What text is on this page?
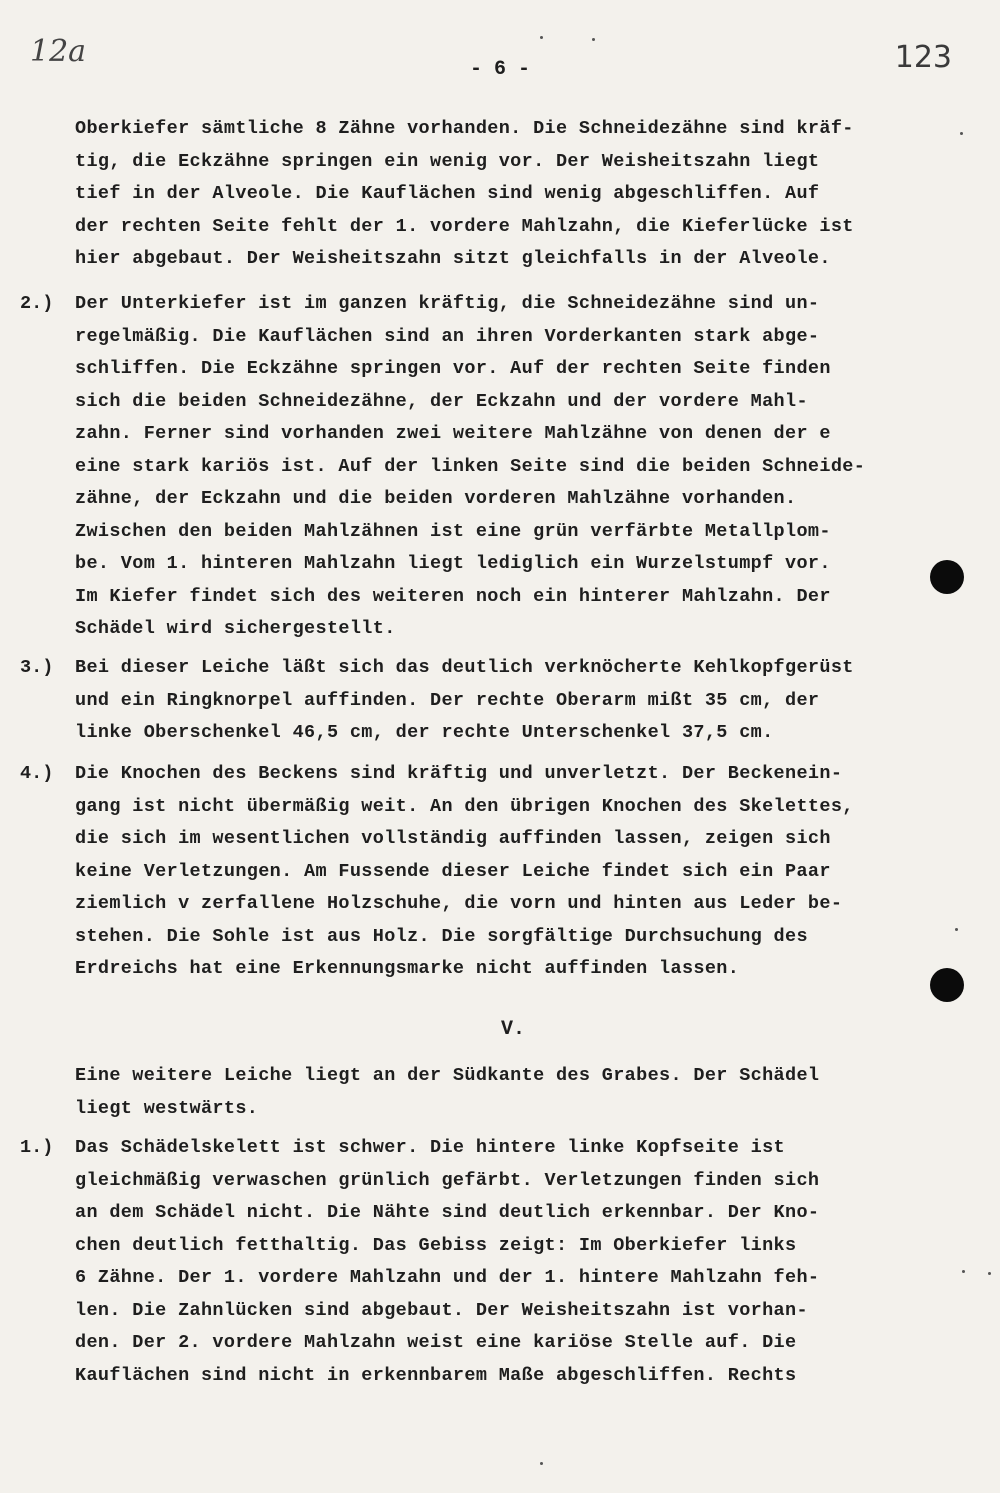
12a
- 6 -	123
Oberkiefer sämtliche 8 Zähne vorhanden. Die Schneidezähne sind kräf-
tig, die Eckzähne springen ein wenig vor. Der Weisheitszahn liegt
tief in der Alveole. Die Kauflächen sind wenig abgeschliffen. Auf
der rechten Seite fehlt der 1. vordere Mahlzahn, die Kieferlücke ist
hier abgebaut. Der Weisheitszahn sitzt gleichfalls in der Alveole.
2.) Der Unterkiefer ist im ganzen kräftig, die Schneidezähne sind un-
regelmäßig. Die Kauflächen sind an ihren Vorderkanten stark abge-
schliffen. Die Eckzähne springen vor. Auf der rechten Seite finden
sich die beiden Schneidezähne, der Eckzahn und der vordere Mahl-
zahn. Ferner sind vorhanden zwei weitere Mahlzähne von denen der e
eine stark kariös ist. Auf der linken Seite sind die beiden Schneide-
zähne, der Eckzahn und die beiden vorderen Mahlzähne vorhanden.
Zwischen den beiden Mahlzähnen ist eine grün verfärbte Metallplom-
be. Vom 1. hinteren Mahlzahn liegt lediglich ein Wurzelstumpf vor.
Im Kiefer findet sich des weiteren noch ein hinterer Mahlzahn. Der
Schädel wird sichergestellt.
3.) Bei dieser Leiche läßt sich das deutlich verknöcherte Kehlkopfgerüst
und ein Ringknorpel auffinden. Der rechte Oberarm mißt 35 cm, der
linke Oberschenkel 46,5 cm, der rechte Unterschenkel 37,5 cm.
4.) Die Knochen des Beckens sind kräftig und unverletzt. Der Beckenein-
gang ist nicht übermäßig weit. An den übrigen Knochen des Skelettes,
die sich im wesentlichen vollständig auffinden lassen, zeigen sich
keine Verletzungen. Am Fussende dieser Leiche findet sich ein Paar
ziemlich v zerfallene Holzschuhe, die vorn und hinten aus Leder be-
stehen. Die Sohle ist aus Holz. Die sorgfältige Durchsuchung des
Erdreichs hat eine Erkennungsmarke nicht auffinden lassen.
V.
Eine weitere Leiche liegt an der Südkante des Grabes. Der Schädel
liegt westwärts.
1.) Das Schädelskelett ist schwer. Die hintere linke Kopfseite ist
gleichmäßig verwaschen grünlich gefärbt. Verletzungen finden sich
an dem Schädel nicht. Die Nähte sind deutlich erkennbar. Der Kno-
chen deutlich fetthaltig. Das Gebiss zeigt: Im Oberkiefer links
6 Zähne. Der 1. vordere Mahlzahn und der 1. hintere Mahlzahn feh-
len. Die Zahnlücken sind abgebaut. Der Weisheitszahn ist vorhan-
den. Der 2. vordere Mahlzahn weist eine kariöse Stelle auf. Die
Kauflächen sind nicht in erkennbarem Maße abgeschliffen. Rechts
